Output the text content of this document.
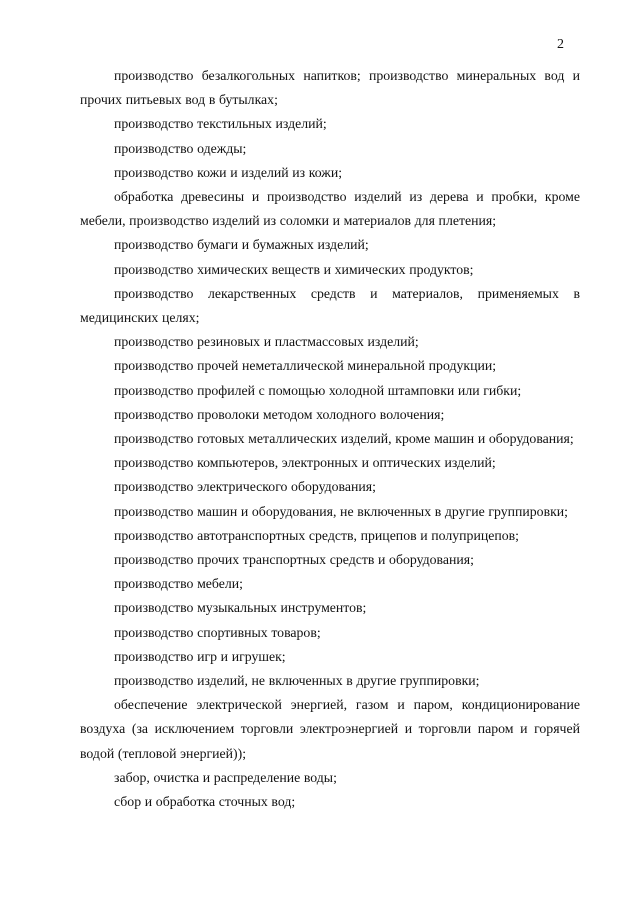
2

производство безалкогольных напитков; производство минеральных вод и прочих питьевых вод в бутылках;

производство текстильных изделий;

производство одежды;

производство кожи и изделий из кожи;

обработка древесины и производство изделий из дерева и пробки, кроме мебели, производство изделий из соломки и материалов для плетения;

производство бумаги и бумажных изделий;

производство химических веществ и химических продуктов;

производство лекарственных средств и материалов, применяемых в медицинских целях;

производство резиновых и пластмассовых изделий;

производство прочей неметаллической минеральной продукции;

производство профилей с помощью холодной штамповки или гибки;

производство проволоки методом холодного волочения;

производство готовых металлических изделий, кроме машин и оборудования;

производство компьютеров, электронных и оптических изделий;

производство электрического оборудования;

производство машин и оборудования, не включенных в другие группировки;

производство автотранспортных средств, прицепов и полуприцепов;

производство прочих транспортных средств и оборудования;

производство мебели;

производство музыкальных инструментов;

производство спортивных товаров;

производство игр и игрушек;

производство изделий, не включенных в другие группировки;

обеспечение электрической энергией, газом и паром, кондиционирование воздуха (за исключением торговли электроэнергией и торговли паром и горячей водой (тепловой энергией));

забор, очистка и распределение воды;

сбор и обработка сточных вод;
